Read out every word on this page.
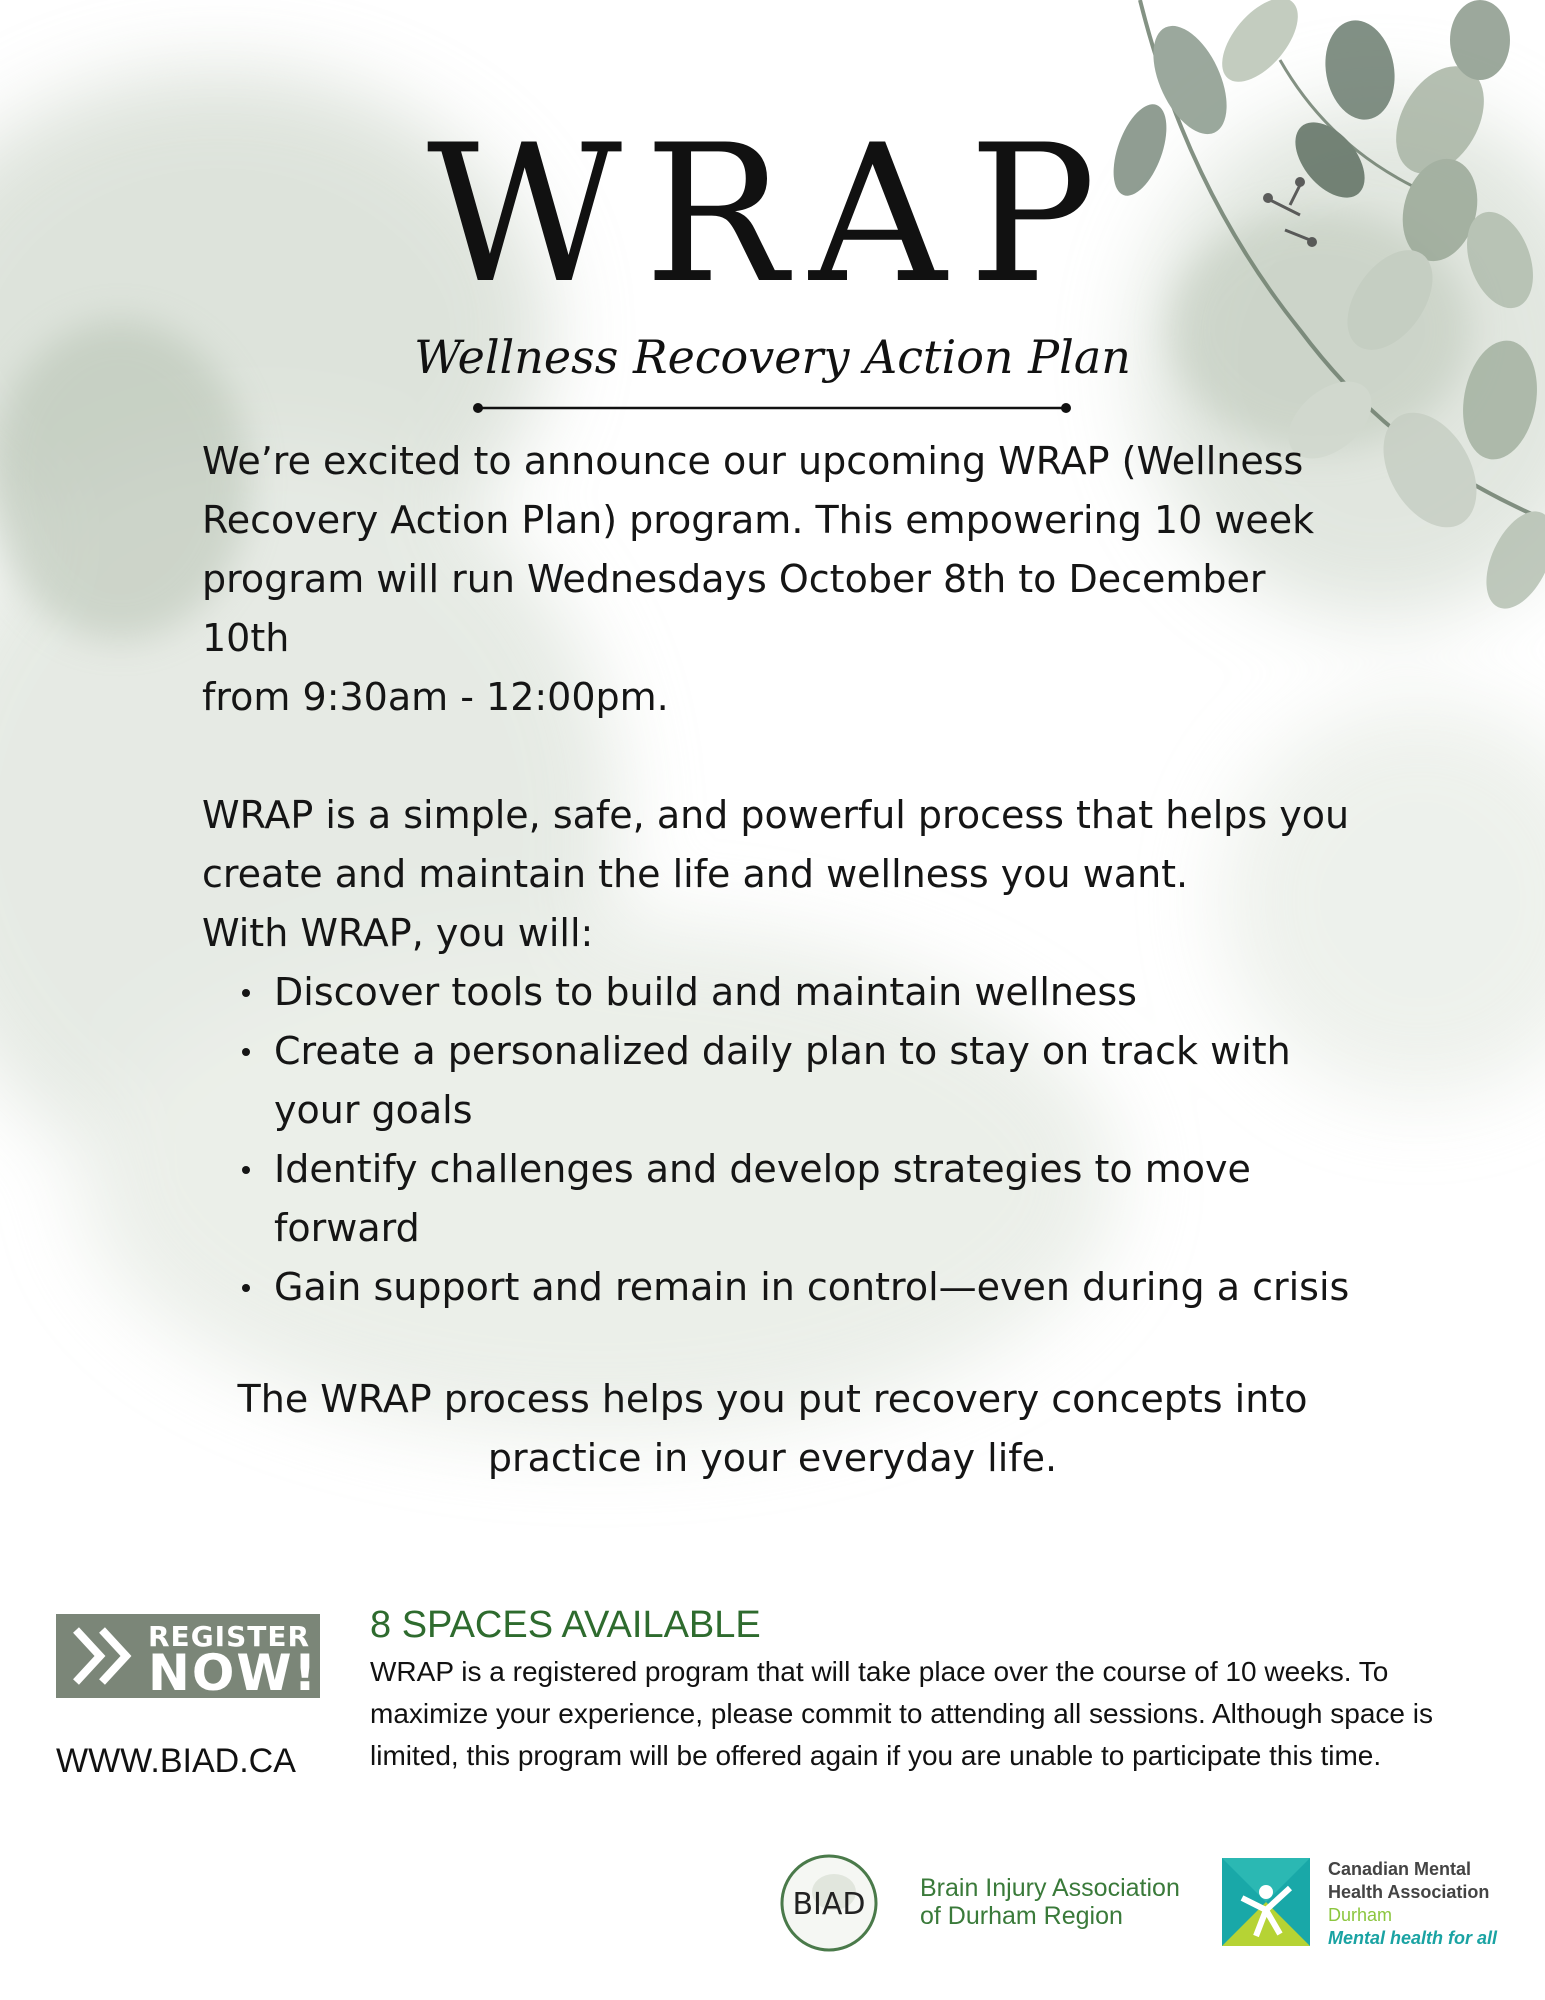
WRAP
Wellness Recovery Action Plan

We’re excited to announce our upcoming WRAP (Wellness

Recovery Action Plan) program. This empowering 10 week

program will run Wednesdays October 8th to December

10th

from 9:30am - 12:00pm.

WRAP is a simple, safe, and powerful process that helps you

create and maintain the life and wellness you want.

With WRAP, you will:

Discover tools to build and maintain wellness
Create a personalized daily plan to stay on track with your goals
Identify challenges and develop strategies to move forward
Gain support and remain in control—even during a crisis
The WRAP process helps you put recovery concepts into
practice in your everyday life.
REGISTER
NOW!
WWW.BIAD.CA
8 SPACES AVAILABLE

WRAP is a registered program that will take place over the course of 10 weeks. To maximize your experience, please commit to attending all sessions. Although space is limited, this program will be offered again if you are unable to participate this time.

BIAD Brain Injury Association
of Durham Region
Canadian Mental
Health Association
Durham
Mental health for all
